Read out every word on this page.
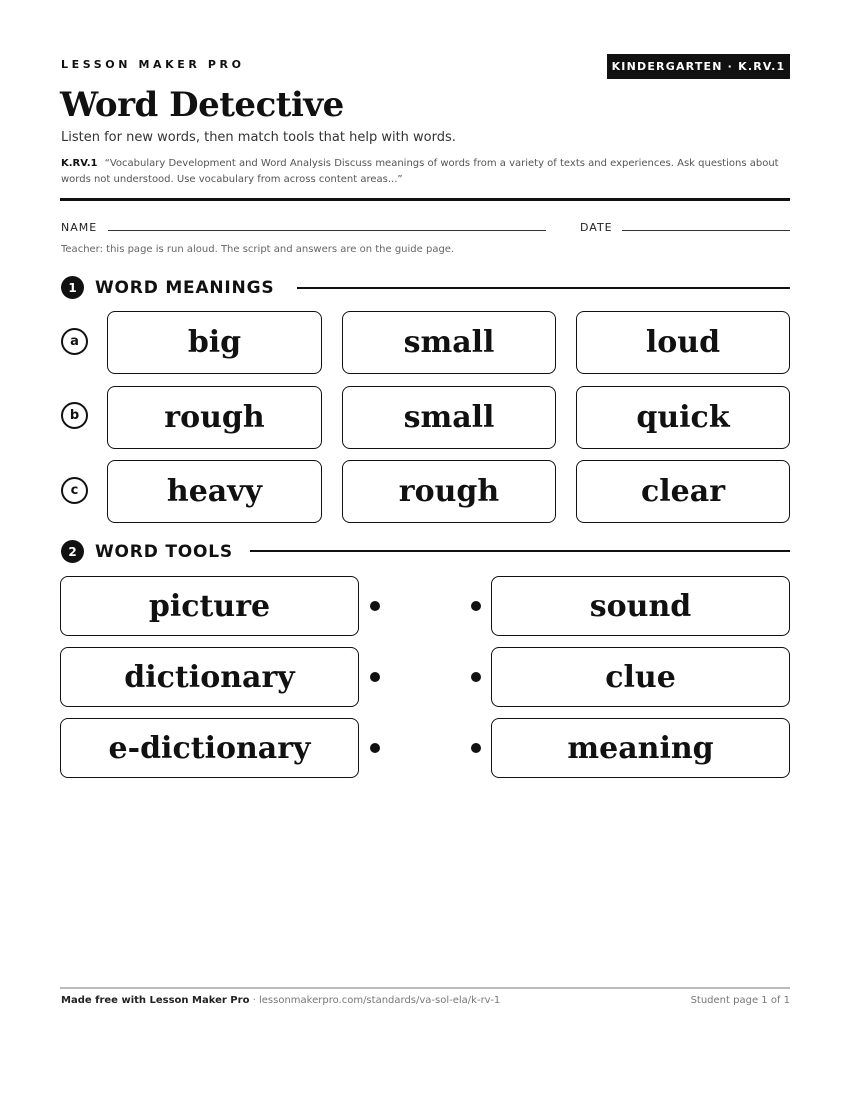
LESSON MAKER PRO	KINDERGARTEN · K.RV.1
Word Detective
Listen for new words, then match tools that help with words.
K.RV.1 “Vocabulary Development and Word Analysis Discuss meanings of words from a variety of texts and experiences. Ask questions about words not understood. Use vocabulary from across content areas...”
NAME	DATE
Teacher: this page is run aloud. The script and answers are on the guide page.
1	WORD MEANINGS
a	big	small	loud
b	rough	small	quick
c	heavy	rough	clear
2	WORD TOOLS
picture	sound
dictionary	clue
e-dictionary	meaning
Made free with Lesson Maker Pro · lessonmakerpro.com/standards/va-sol-ela/k-rv-1	Student page 1 of 1
